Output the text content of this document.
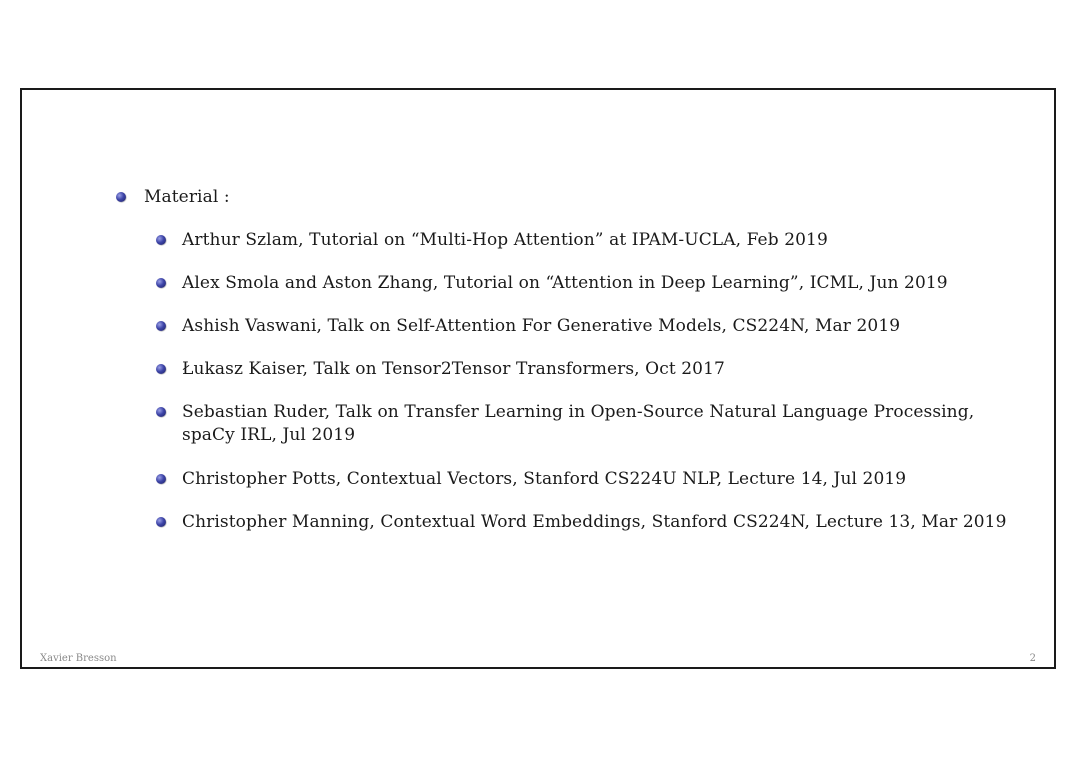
Material :
Arthur Szlam, Tutorial on “Multi-Hop Attention” at IPAM-UCLA, Feb 2019
Alex Smola and Aston Zhang, Tutorial on “Attention in Deep Learning”, ICML, Jun 2019
Ashish Vaswani, Talk on Self-Attention For Generative Models, CS224N, Mar 2019
Łukasz Kaiser, Talk on Tensor2Tensor Transformers, Oct 2017
Sebastian Ruder, Talk on Transfer Learning in Open-Source Natural Language Processing,
spaCy IRL, Jul 2019
Christopher Potts, Contextual Vectors, Stanford CS224U NLP, Lecture 14, Jul 2019
Christopher Manning, Contextual Word Embeddings, Stanford CS224N, Lecture 13, Mar 2019
Xavier Bresson	2
